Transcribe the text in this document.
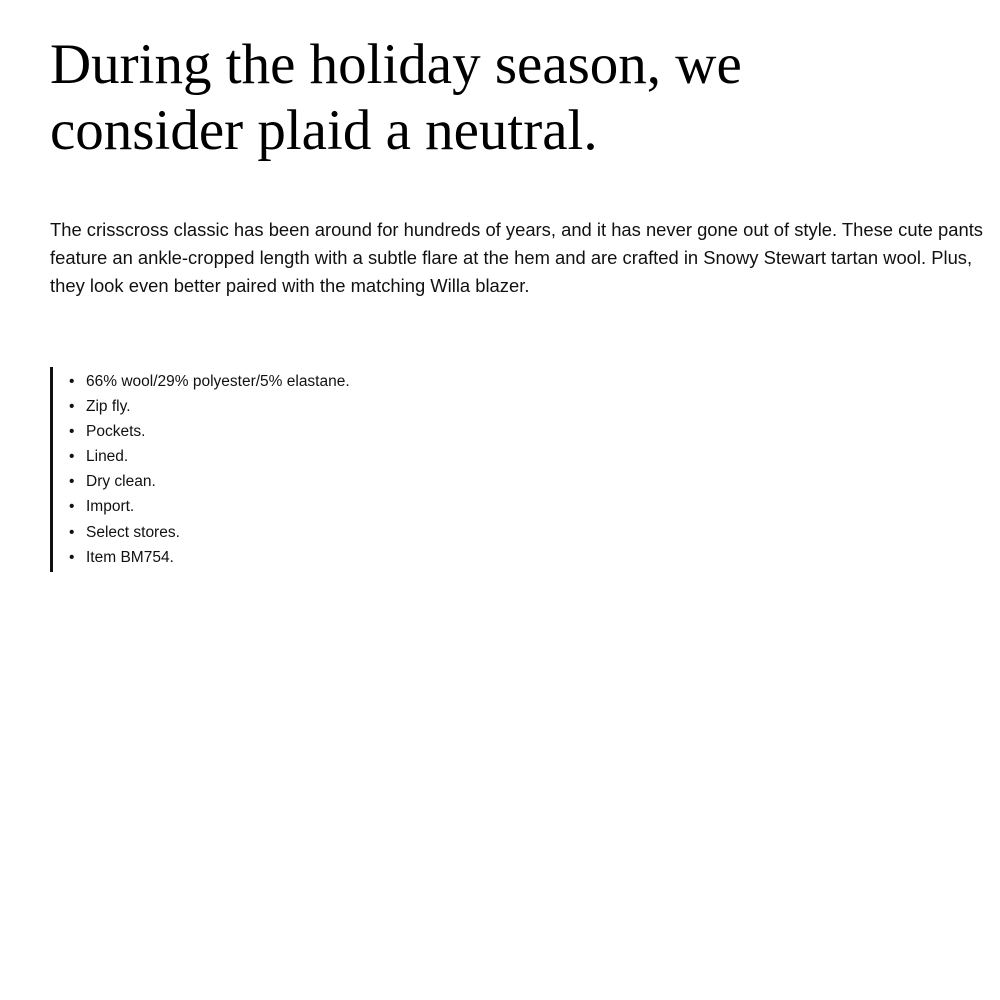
During the holiday season, we consider plaid a neutral.

The crisscross classic has been around for hundreds of years, and it has never gone out of style. These cute pants feature an ankle-cropped length with a subtle flare at the hem and are crafted in Snowy Stewart tartan wool. Plus, they look even better paired with the matching Willa blazer.

• 66% wool/29% polyester/5% elastane.
• Zip fly.
• Pockets.
• Lined.
• Dry clean.
• Import.
• Select stores.
• Item BM754.
